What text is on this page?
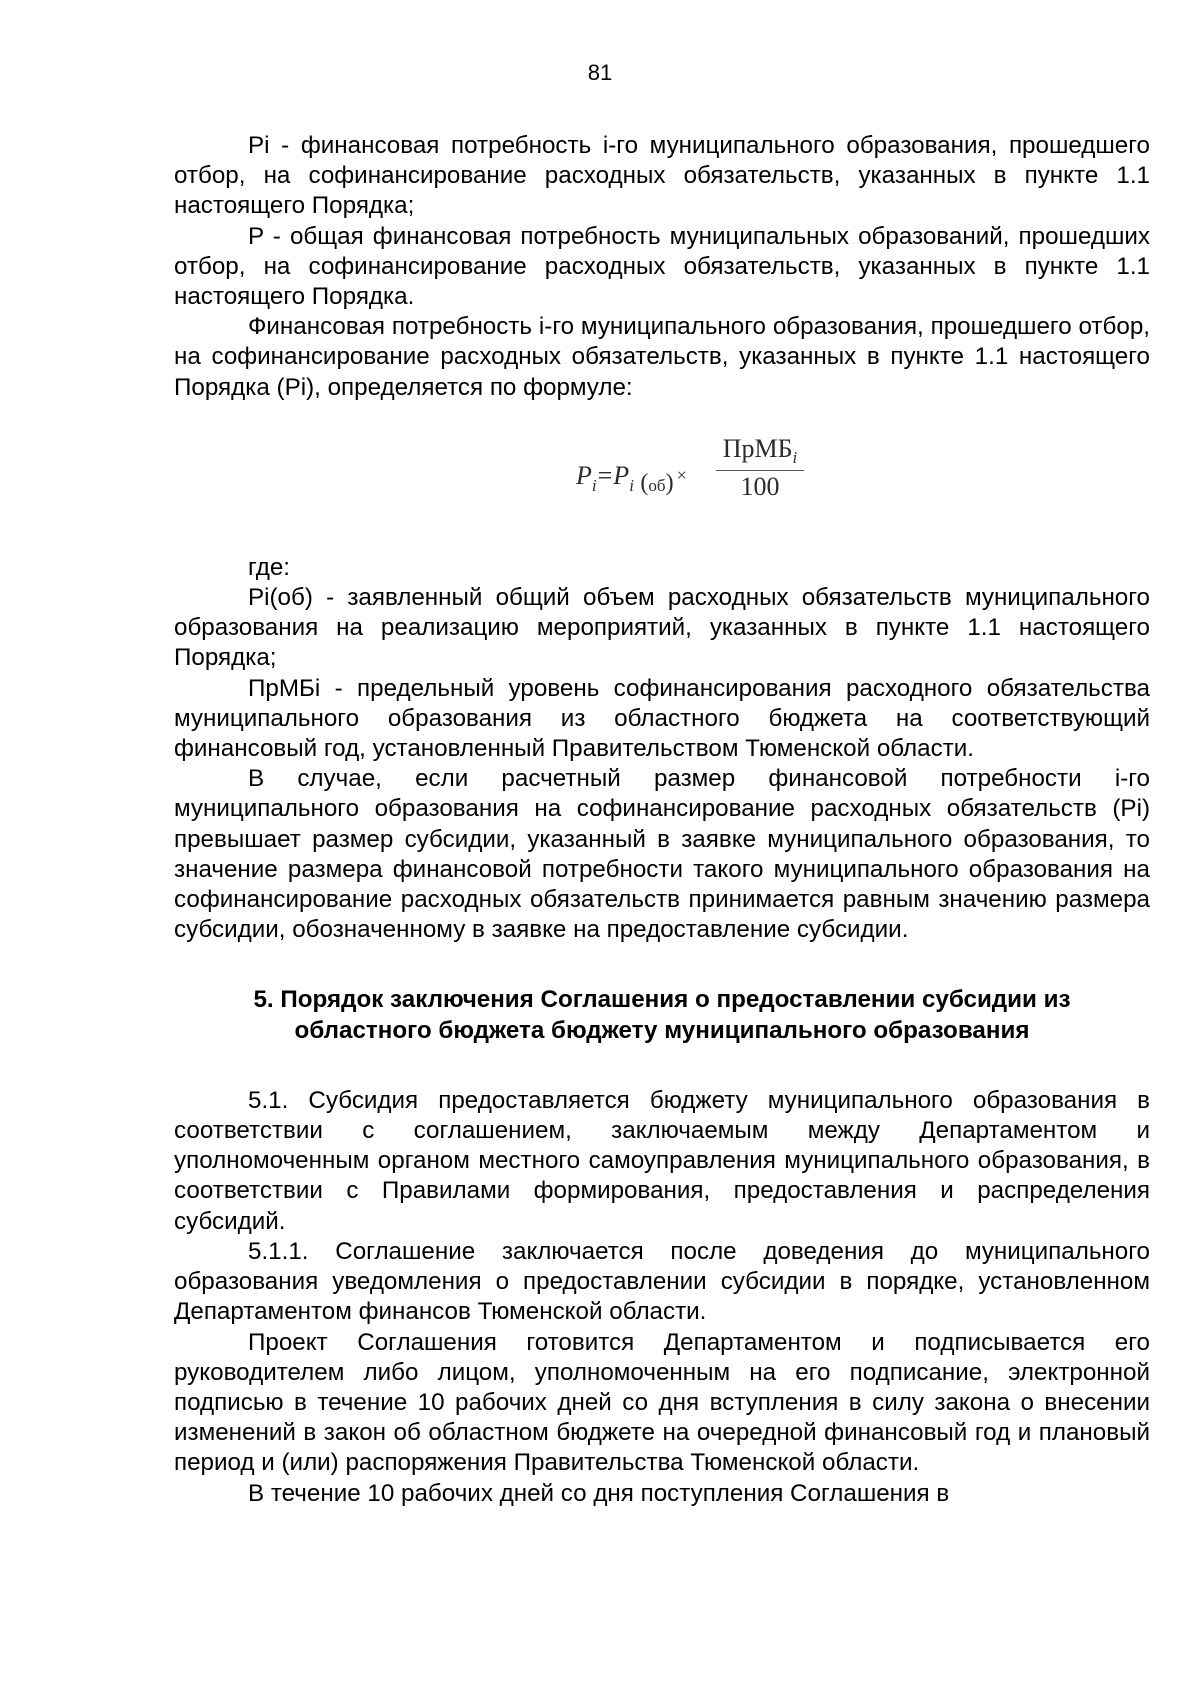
81

Pi - финансовая потребность i-го муниципального образования, прошедшего отбор, на софинансирование расходных обязательств, указанных в пункте 1.1 настоящего Порядка;

P - общая финансовая потребность муниципальных образований, прошедших отбор, на софинансирование расходных обязательств, указанных в пункте 1.1 настоящего Порядка.

Финансовая потребность i-го муниципального образования, прошедшего отбор, на софинансирование расходных обязательств, указанных в пункте 1.1 настоящего Порядка (Pi), определяется по формуле:

$P_i=P_i$ $(_{об})$ ×
ПрМБ$_i$
100

где:

Pi(об) - заявленный общий объем расходных обязательств муниципального образования на реализацию мероприятий, указанных в пункте 1.1 настоящего Порядка;

ПрМБi - предельный уровень софинансирования расходного обязательства муниципального образования из областного бюджета на соответствующий финансовый год, установленный Правительством Тюменской области.

В случае, если расчетный размер финансовой потребности i-го муниципального образования на софинансирование расходных обязательств (Pi) превышает размер субсидии, указанный в заявке муниципального образования, то значение размера финансовой потребности такого муниципального образования на софинансирование расходных обязательств принимается равным значению размера субсидии, обозначенному в заявке на предоставление субсидии.

5. Порядок заключения Соглашения о предоставлении субсидии из областного бюджета бюджету муниципального образования

5.1. Субсидия предоставляется бюджету муниципального образования в соответствии с соглашением, заключаемым между Департаментом и уполномоченным органом местного самоуправления муниципального образования, в соответствии с Правилами формирования, предоставления и распределения субсидий.

5.1.1. Соглашение заключается после доведения до муниципального образования уведомления о предоставлении субсидии в порядке, установленном Департаментом финансов Тюменской области.

Проект Соглашения готовится Департаментом и подписывается его руководителем либо лицом, уполномоченным на его подписание, электронной подписью в течение 10 рабочих дней со дня вступления в силу закона о внесении изменений в закон об областном бюджете на очередной финансовый год и плановый период и (или) распоряжения Правительства Тюменской области.

В течение 10 рабочих дней со дня поступления Соглашения в
